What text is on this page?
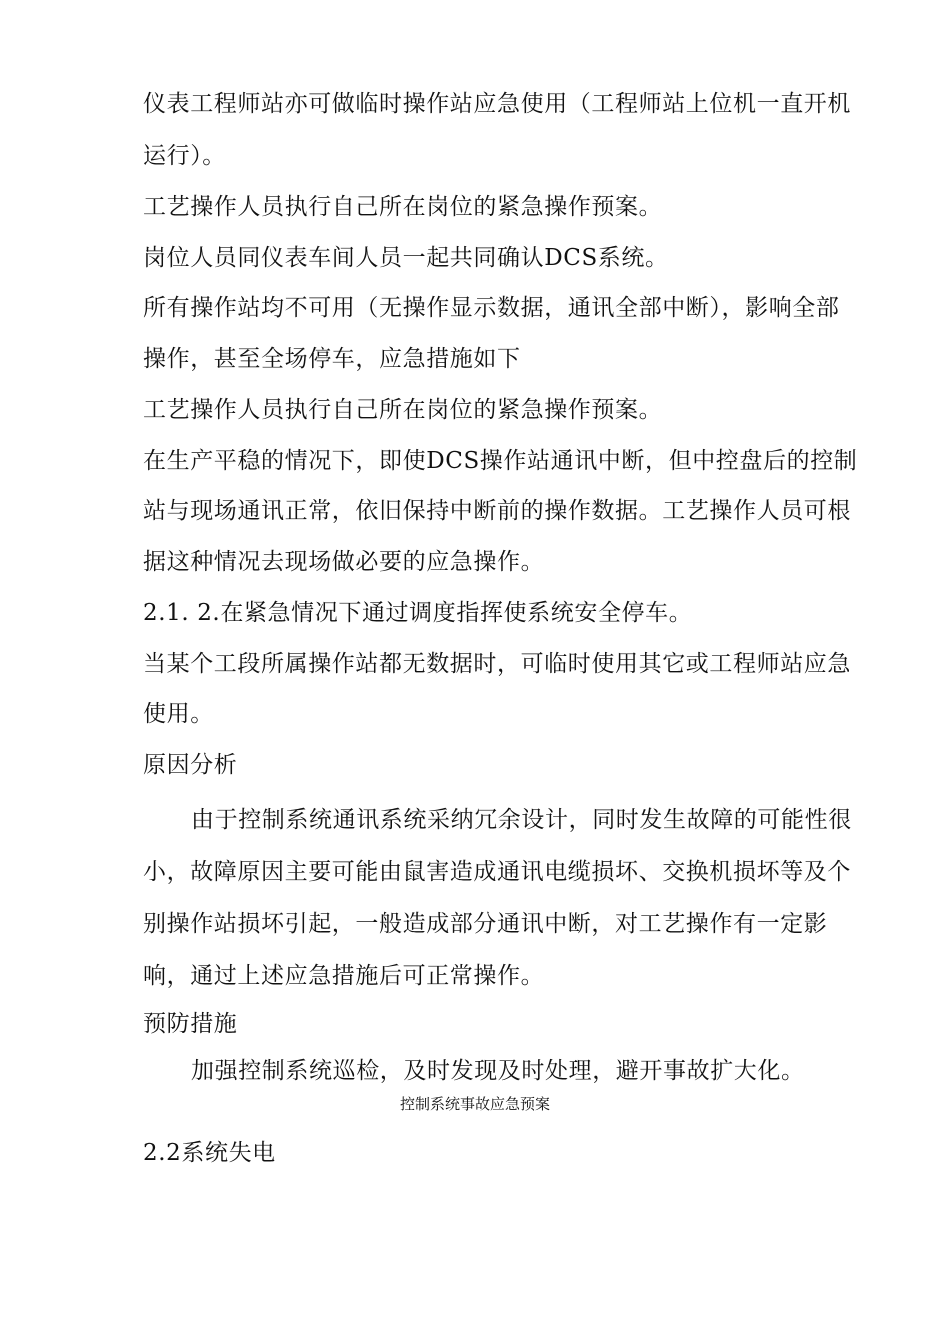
仪表工程师站亦可做临时操作站应急使用（工程师站上位机一直开机
运行）。
工艺操作人员执行自己所在岗位的紧急操作预案。
岗位人员同仪表车间人员一起共同确认DCS系统。
所有操作站均不可用（无操作显示数据，通讯全部中断），影响全部
操作，甚至全场停车，应急措施如下
工艺操作人员执行自己所在岗位的紧急操作预案。
在生产平稳的情况下，即使DCS操作站通讯中断，但中控盘后的控制
站与现场通讯正常，依旧保持中断前的操作数据。工艺操作人员可根
据这种情况去现场做必要的应急操作。
2.1. 2.在紧急情况下通过调度指挥使系统安全停车。
当某个工段所属操作站都无数据时，可临时使用其它或工程师站应急
使用。
原因分析
由于控制系统通讯系统采纳冗余设计，同时发生故障的可能性很
小，故障原因主要可能由鼠害造成通讯电缆损坏、交换机损坏等及个
别操作站损坏引起，一般造成部分通讯中断，对工艺操作有一定影
响，通过上述应急措施后可正常操作。
预防措施
加强控制系统巡检，及时发现及时处理，避开事故扩大化。
控制系统事故应急预案
2.2系统失电
